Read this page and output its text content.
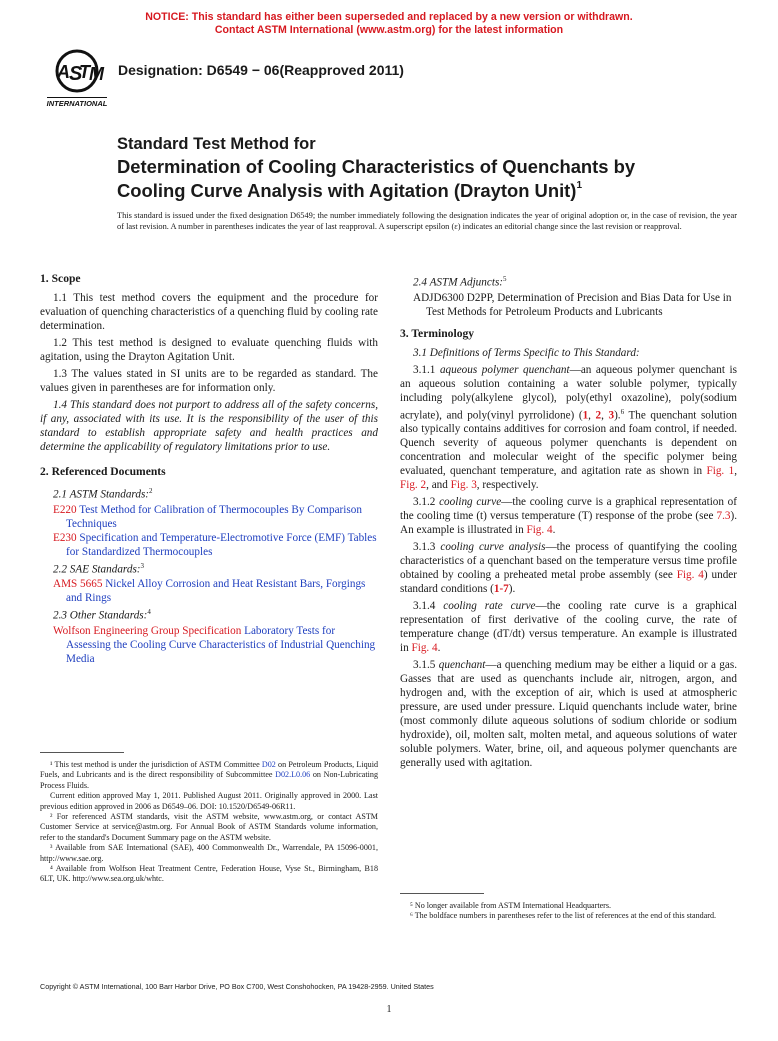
NOTICE: This standard has either been superseded and replaced by a new version or withdrawn.
Contact ASTM International (www.astm.org) for the latest information
A S
T M
INTERNATIONAL
Designation: D6549 − 06(Reapproved 2011)
Standard Test Method for
Determination of Cooling Characteristics of Quenchants by
Cooling Curve Analysis with Agitation (Drayton Unit)$^1$
This standard is issued under the fixed designation D6549; the number immediately following the designation indicates the year of original adoption or, in the case of revision, the year of last revision. A number in parentheses indicates the year of last reapproval. A superscript epsilon (ε) indicates an editorial change since the last revision or reapproval.
1. Scope

1.1 This test method covers the equipment and the procedure for evaluation of quenching characteristics of a quenching fluid by cooling rate determination.

1.2 This test method is designed to evaluate quenching fluids with agitation, using the Drayton Agitation Unit.

1.3 The values stated in SI units are to be regarded as standard. The values given in parentheses are for information only.

1.4 This standard does not purport to address all of the safety concerns, if any, associated with its use. It is the responsibility of the user of this standard to establish appropriate safety and health practices and determine the applicability of regulatory limitations prior to use.

2. Referenced Documents
2.1 ASTM Standards:$^2$
E220 Test Method for Calibration of Thermocouples By Comparison Techniques
E230 Specification and Temperature-Electromotive Force (EMF) Tables for Standardized Thermocouples
2.2 SAE Standards:$^3$
AMS 5665 Nickel Alloy Corrosion and Heat Resistant Bars, Forgings and Rings
2.3 Other Standards:$^4$
Wolfson Engineering Group Specification Laboratory Tests for Assessing the Cooling Curve Characteristics of Industrial Quenching Media
2.4 ASTM Adjuncts:$^5$
ADJD6300 D2PP, Determination of Precision and Bias Data for Use in Test Methods for Petroleum Products and Lubricants
3. Terminology

3.1 Definitions of Terms Specific to This Standard:

3.1.1 aqueous polymer quenchant—an aqueous polymer quenchant is an aqueous solution containing a water soluble polymer, typically including poly(alkylene glycol), poly(ethyl oxazoline), poly(sodium acrylate), and poly(vinyl pyrrolidone) (1, 2, 3).$^6$ The quenchant solution also typically contains additives for corrosion and foam control, if needed. Quench severity of aqueous polymer quenchants is dependent on concentration and molecular weight of the specific polymer being evaluated, quenchant temperature, and agitation rate as shown in Fig. 1, Fig. 2, and Fig. 3, respectively.

3.1.2 cooling curve—the cooling curve is a graphical representation of the cooling time (t) versus temperature (T) response of the probe (see 7.3). An example is illustrated in Fig. 4.

3.1.3 cooling curve analysis—the process of quantifying the cooling characteristics of a quenchant based on the temperature versus time profile obtained by cooling a preheated metal probe assembly (see Fig. 4) under standard conditions (1-7).

3.1.4 cooling rate curve—the cooling rate curve is a graphical representation of first derivative of the cooling curve, the rate of temperature change (dT/dt) versus temperature. An example is illustrated in Fig. 4.

3.1.5 quenchant—a quenching medium may be either a liquid or a gas. Gasses that are used as quenchants include air, nitrogen, argon, and hydrogen and, with the exception of air, which is used at atmospheric pressure, are used under pressure. Liquid quenchants include water, brine (most commonly dilute aqueous solutions of sodium chloride or sodium hydroxide), oil, molten salt, molten metal, and aqueous solutions of water soluble polymers. Water, brine, oil, and aqueous polymer quenchants are generally used with agitation.

¹ This test method is under the jurisdiction of ASTM Committee D02 on Petroleum Products, Liquid Fuels, and Lubricants and is the direct responsibility of Subcommittee D02.L0.06 on Non-Lubricating Process Fluids.

Current edition approved May 1, 2011. Published August 2011. Originally approved in 2000. Last previous edition approved in 2006 as D6549–06. DOI: 10.1520/D6549-06R11.

² For referenced ASTM standards, visit the ASTM website, www.astm.org, or contact ASTM Customer Service at service@astm.org. For Annual Book of ASTM Standards volume information, refer to the standard's Document Summary page on the ASTM website.

³ Available from SAE International (SAE), 400 Commonwealth Dr., Warrendale, PA 15096-0001, http://www.sae.org.

⁴ Available from Wolfson Heat Treatment Centre, Federation House, Vyse St., Birmingham, B18 6LT, UK. http://www.sea.org.uk/whtc.

⁵ No longer available from ASTM International Headquarters.

⁶ The boldface numbers in parentheses refer to the list of references at the end of this standard.

Copyright © ASTM International, 100 Barr Harbor Drive, PO Box C700, West Conshohocken, PA 19428-2959. United States
1
